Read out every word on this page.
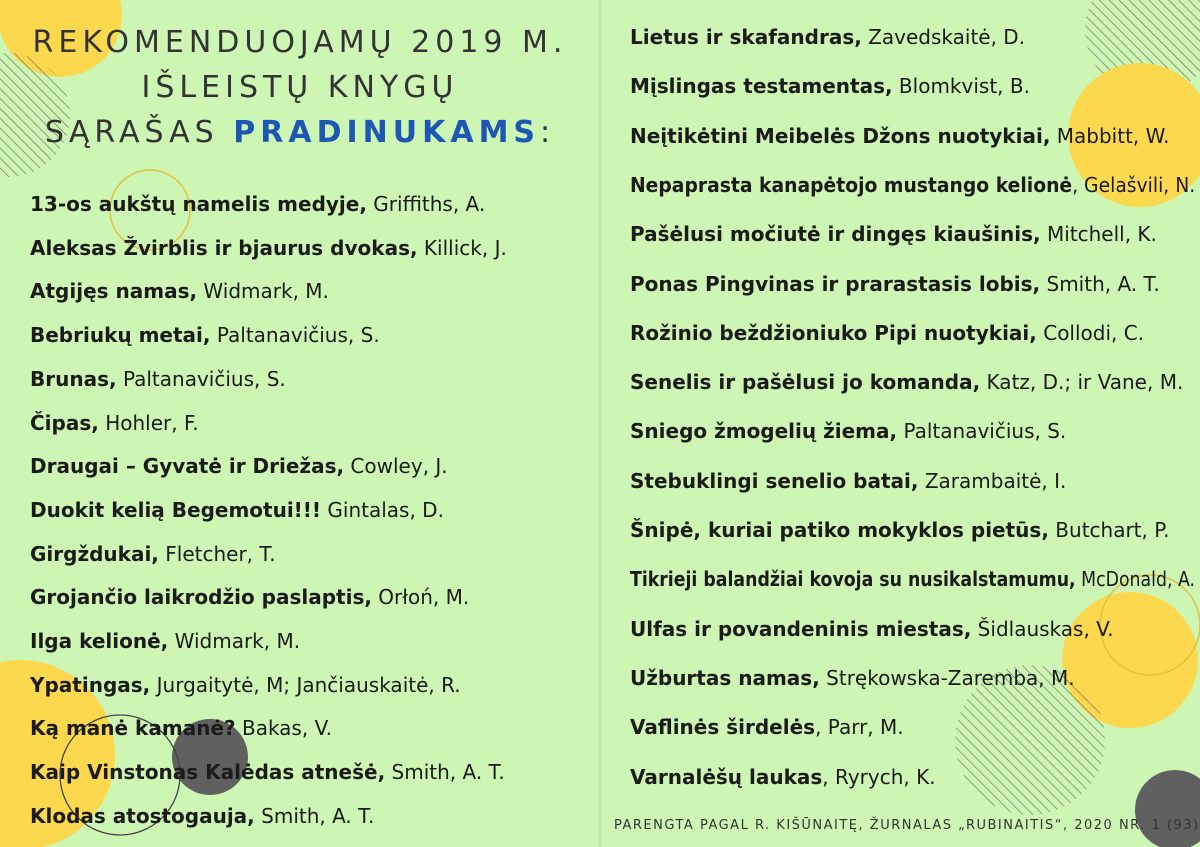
REKOMENDUOJAMŲ 2019 M.
IŠLEISTŲ KNYGŲ
SĄRAŠAS PRADINUKAMS:
13-os aukštų namelis medyje, Griffiths, A.
Aleksas Žvirblis ir bjaurus dvokas, Killick, J.
Atgijęs namas, Widmark, M.
Bebriukų metai, Paltanavičius, S.
Brunas, Paltanavičius, S.
Čipas, Hohler, F.
Draugai – Gyvatė ir Driežas, Cowley, J.
Duokit kelią Begemotui!!! Gintalas, D.
Girgždukai, Fletcher, T.
Grojančio laikrodžio paslaptis, Orłoń, M.
Ilga kelionė, Widmark, M.
Ypatingas, Jurgaitytė, M; Jančiauskaitė, R.
Ką manė kamanė? Bakas, V.
Kaip Vinstonas Kalėdas atnešė, Smith, A. T.
Klodas atostogauja, Smith, A. T.
Lietus ir skafandras, Zavedskaitė, D.
Mįslingas testamentas, Blomkvist, B.
Neįtikėtini Meibelės Džons nuotykiai, Mabbitt, W.
Nepaprasta kanapėtojo mustango kelionė, Gelašvili, N.
Pašėlusi močiutė ir dingęs kiaušinis, Mitchell, K.
Ponas Pingvinas ir prarastasis lobis, Smith, A. T.
Rožinio beždžioniuko Pipi nuotykiai, Collodi, C.
Senelis ir pašėlusi jo komanda, Katz, D.; ir Vane, M.
Sniego žmogelių žiema, Paltanavičius, S.
Stebuklingi senelio batai, Zarambaitė, I.
Šnipė, kuriai patiko mokyklos pietūs, Butchart, P.
Tikrieji balandžiai kovoja su nusikalstamumu, McDonald, A.
Ulfas ir povandeninis miestas, Šidlauskas, V.
Užburtas namas, Strękowska-Zaremba, M.
Vaflinės širdelės, Parr, M.
Varnalėšų laukas, Ryrych, K.
PARENGTA PAGAL R. KIŠŪNAITĘ, ŽURNALAS „RUBINAITIS“, 2020 NR. 1 (93)
